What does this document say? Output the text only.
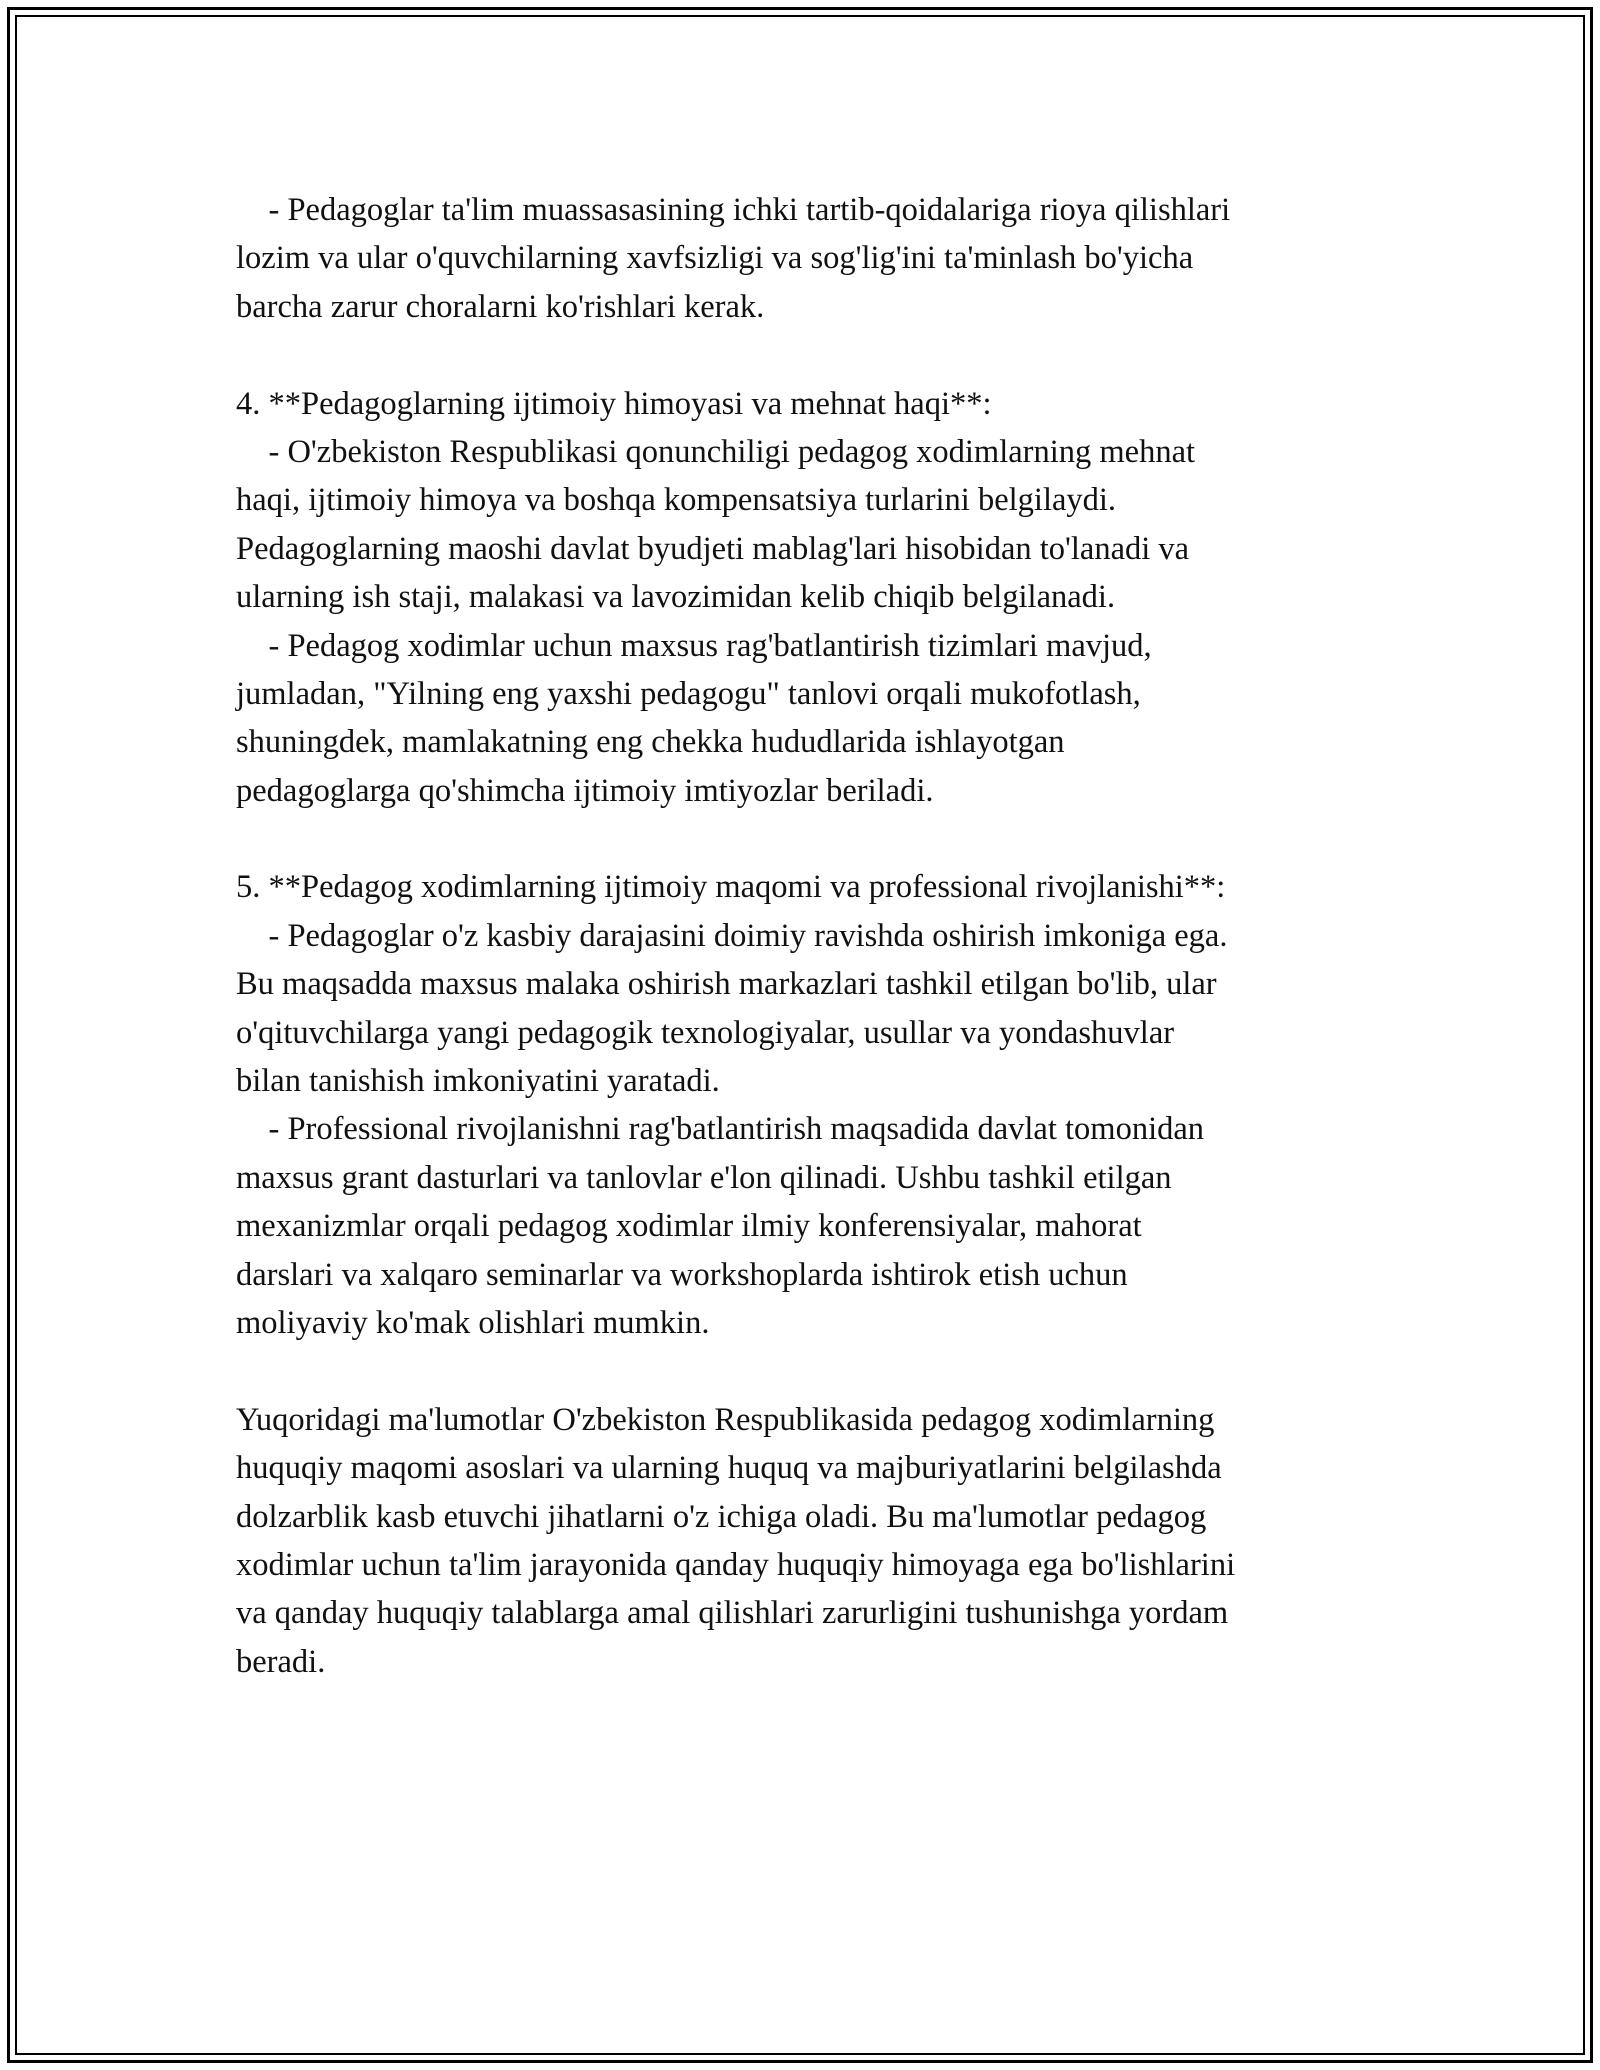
- Pedagoglar ta'lim muassasasining ichki tartib-qoidalariga rioya qilishlari
lozim va ular o'quvchilarning xavfsizligi va sog'lig'ini ta'minlash bo'yicha
barcha zarur choralarni ko'rishlari kerak.
4. **Pedagoglarning ijtimoiy himoyasi va mehnat haqi**:
- O'zbekiston Respublikasi qonunchiligi pedagog xodimlarning mehnat
haqi, ijtimoiy himoya va boshqa kompensatsiya turlarini belgilaydi.
Pedagoglarning maoshi davlat byudjeti mablag'lari hisobidan to'lanadi va
ularning ish staji, malakasi va lavozimidan kelib chiqib belgilanadi.
- Pedagog xodimlar uchun maxsus rag'batlantirish tizimlari mavjud,
jumladan, "Yilning eng yaxshi pedagogu" tanlovi orqali mukofotlash,
shuningdek, mamlakatning eng chekka hududlarida ishlayotgan
pedagoglarga qo'shimcha ijtimoiy imtiyozlar beriladi.
5. **Pedagog xodimlarning ijtimoiy maqomi va professional rivojlanishi**:
- Pedagoglar o'z kasbiy darajasini doimiy ravishda oshirish imkoniga ega.
Bu maqsadda maxsus malaka oshirish markazlari tashkil etilgan bo'lib, ular
o'qituvchilarga yangi pedagogik texnologiyalar, usullar va yondashuvlar
bilan tanishish imkoniyatini yaratadi.
- Professional rivojlanishni rag'batlantirish maqsadida davlat tomonidan
maxsus grant dasturlari va tanlovlar e'lon qilinadi. Ushbu tashkil etilgan
mexanizmlar orqali pedagog xodimlar ilmiy konferensiyalar, mahorat
darslari va xalqaro seminarlar va workshoplarda ishtirok etish uchun
moliyaviy ko'mak olishlari mumkin.
Yuqoridagi ma'lumotlar O'zbekiston Respublikasida pedagog xodimlarning
huquqiy maqomi asoslari va ularning huquq va majburiyatlarini belgilashda
dolzarblik kasb etuvchi jihatlarni o'z ichiga oladi. Bu ma'lumotlar pedagog
xodimlar uchun ta'lim jarayonida qanday huquqiy himoyaga ega bo'lishlarini
va qanday huquqiy talablarga amal qilishlari zarurligini tushunishga yordam
beradi.
